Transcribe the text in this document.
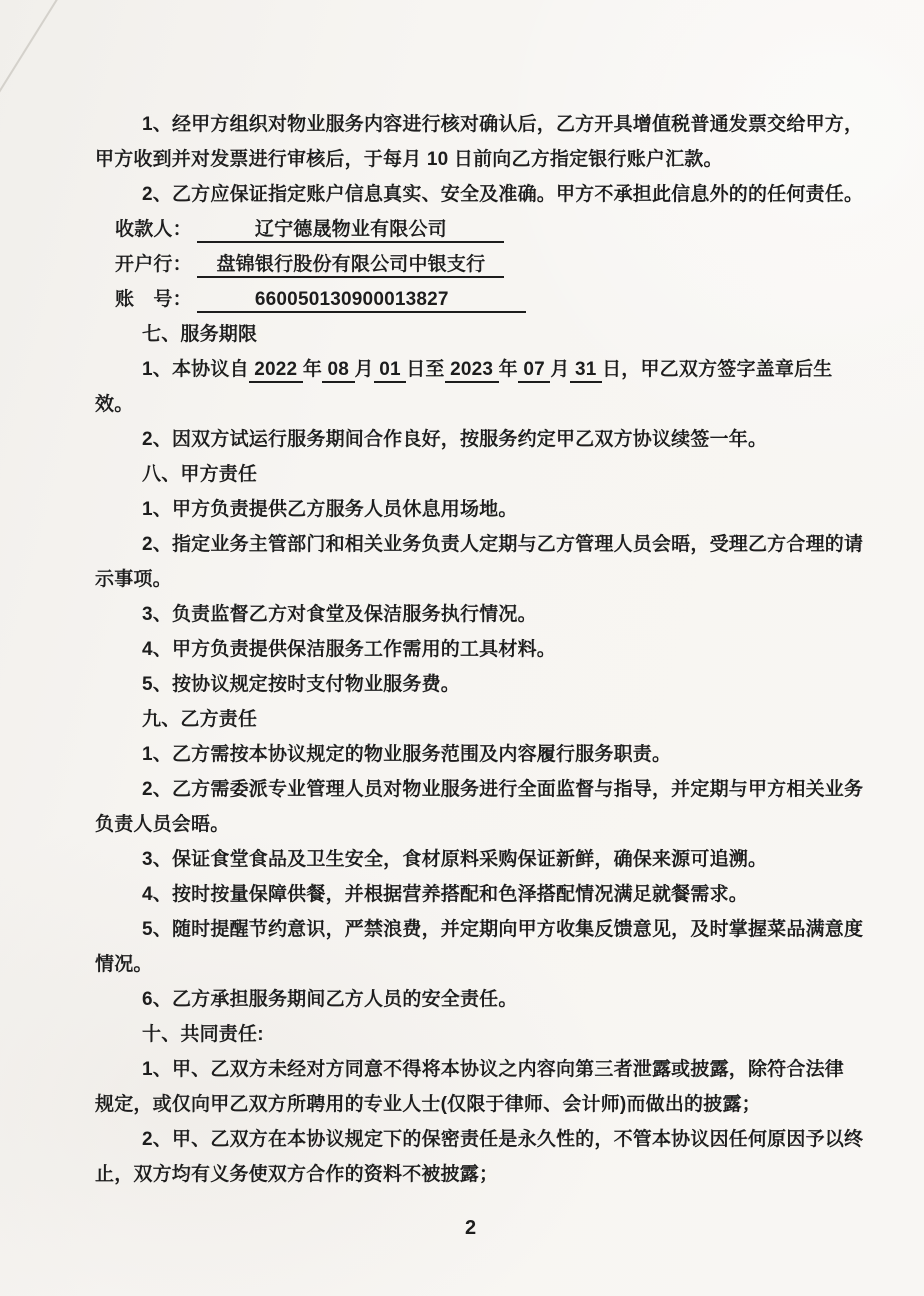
1、经甲方组织对物业服务内容进行核对确认后，乙方开具增值税普通发票交给甲方，
甲方收到并对发票进行审核后，于每月 10 日前向乙方指定银行账户汇款。
2、乙方应保证指定账户信息真实、安全及准确。甲方不承担此信息外的的任何责任。
收款人： 　　　辽宁德晟物业有限公司　　　
开户行： 　盘锦银行股份有限公司中银支行　
账　号： 　　　660050130900013827　　　　
七、服务期限
1、本协议自 2022 年 08 月 01 日至 2023 年 07 月 31 日，甲乙双方签字盖章后生
效。
2、因双方试运行服务期间合作良好，按服务约定甲乙双方协议续签一年。
八、甲方责任
1、甲方负责提供乙方服务人员休息用场地。
2、指定业务主管部门和相关业务负责人定期与乙方管理人员会晤，受理乙方合理的请
示事项。
3、负责监督乙方对食堂及保洁服务执行情况。
4、甲方负责提供保洁服务工作需用的工具材料。
5、按协议规定按时支付物业服务费。
九、乙方责任
1、乙方需按本协议规定的物业服务范围及内容履行服务职责。
2、乙方需委派专业管理人员对物业服务进行全面监督与指导，并定期与甲方相关业务
负责人员会晤。
3、保证食堂食品及卫生安全，食材原料采购保证新鲜，确保来源可追溯。
4、按时按量保障供餐，并根据营养搭配和色泽搭配情况满足就餐需求。
5、随时提醒节约意识，严禁浪费，并定期向甲方收集反馈意见，及时掌握菜品满意度
情况。
6、乙方承担服务期间乙方人员的安全责任。
十、共同责任:
1、甲、乙双方未经对方同意不得将本协议之内容向第三者泄露或披露，除符合法律
规定，或仅向甲乙双方所聘用的专业人士(仅限于律师、会计师)而做出的披露；
2、甲、乙双方在本协议规定下的保密责任是永久性的，不管本协议因任何原因予以终
止，双方均有义务使双方合作的资料不被披露；
2
